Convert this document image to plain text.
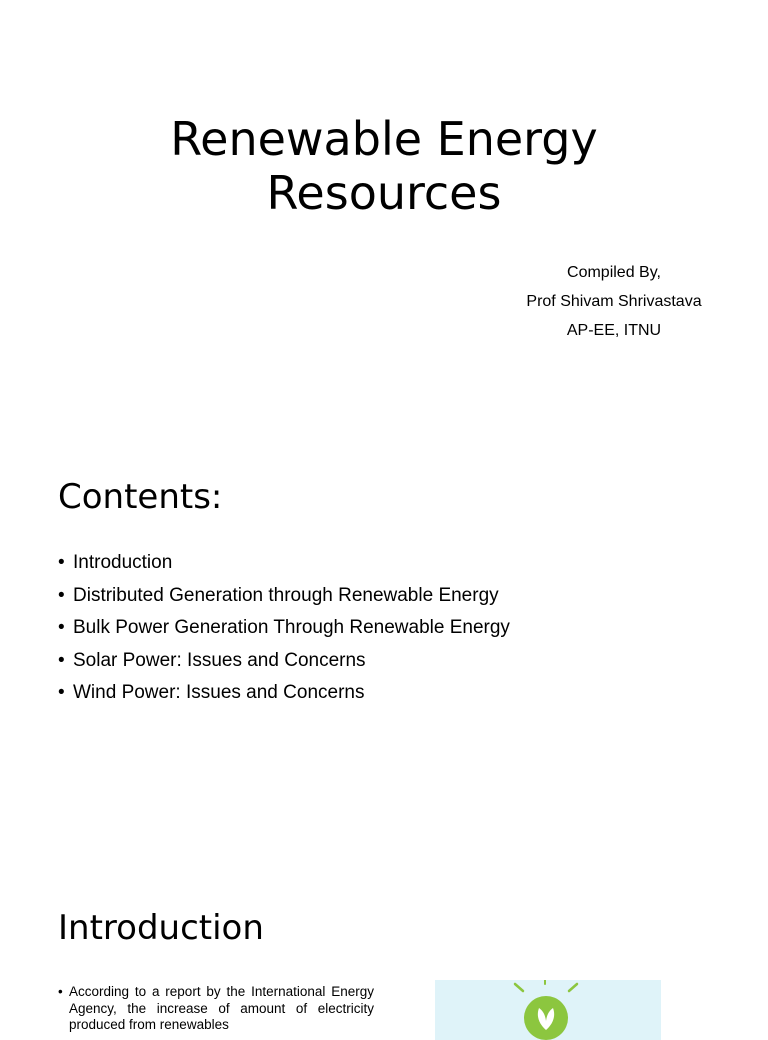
Renewable Energy
Resources
Compiled By,
Prof Shivam Shrivastava
AP-EE, ITNU
Contents:
• Introduction
• Distributed Generation through Renewable Energy
• Bulk Power Generation Through Renewable Energy
• Solar Power: Issues and Concerns
• Wind Power: Issues and Concerns
Introduction

• According to a report by the International Energy Agency, the increase of amount of electricity produced from renewables
